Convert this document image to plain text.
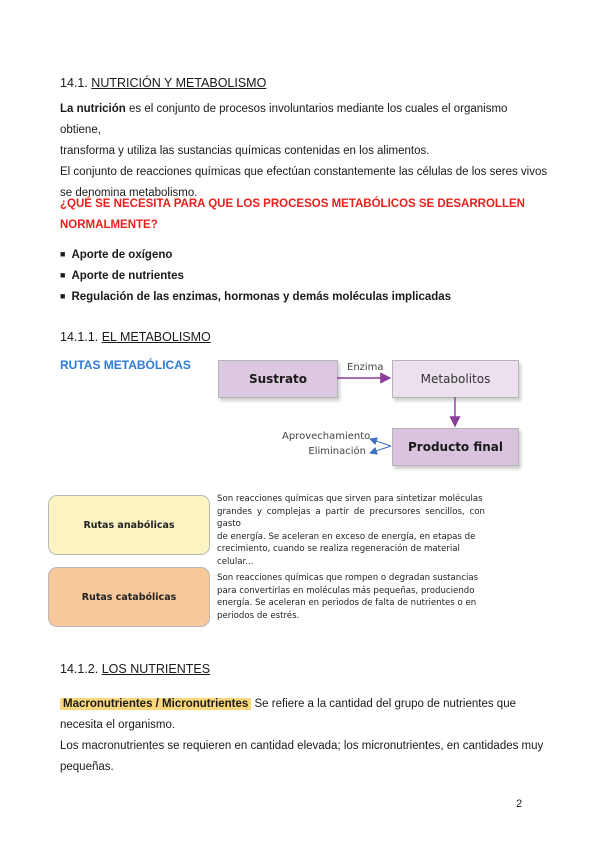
14.1. NUTRICIÓN Y METABOLISMO
La nutrición es el conjunto de procesos involuntarios mediante los cuales el organismo obtiene,
transforma y utiliza las sustancias químicas contenidas en los alimentos.
El conjunto de reacciones químicas que efectúan constantemente las células de los seres vivos
se denomina metabolismo.
¿QUÉ SE NECESITA PARA QUE LOS PROCESOS METABÓLICOS SE DESARROLLEN
NORMALMENTE?
■ Aporte de oxígeno
■ Aporte de nutrientes
■ Regulación de las enzimas, hormonas y demás moléculas implicadas
14.1.1. EL METABOLISMO
RUTAS METABÓLICAS
Sustrato
Enzima
Metabolitos
Producto final
Aprovechamiento
Eliminación
Rutas anabólicas
Son reacciones químicas que sirven para sintetizar moléculas
grandes y complejas a partir de precursores sencillos, con gasto
de energía. Se aceleran en exceso de energía, en etapas de
crecimiento, cuando se realiza regeneración de material
celular...
Rutas catabólicas
Son reacciones químicas que rompen o degradan sustancias
para convertirlas en moléculas más pequeñas, produciendo
energía. Se aceleran en periodos de falta de nutrientes o en
periodos de estrés.
14.1.2. LOS NUTRIENTES
Macronutrientes / Micronutrientes Se refiere a la cantidad del grupo de nutrientes que
necesita el organismo.
Los macronutrientes se requieren en cantidad elevada; los micronutrientes, en cantidades muy
pequeñas.
2
